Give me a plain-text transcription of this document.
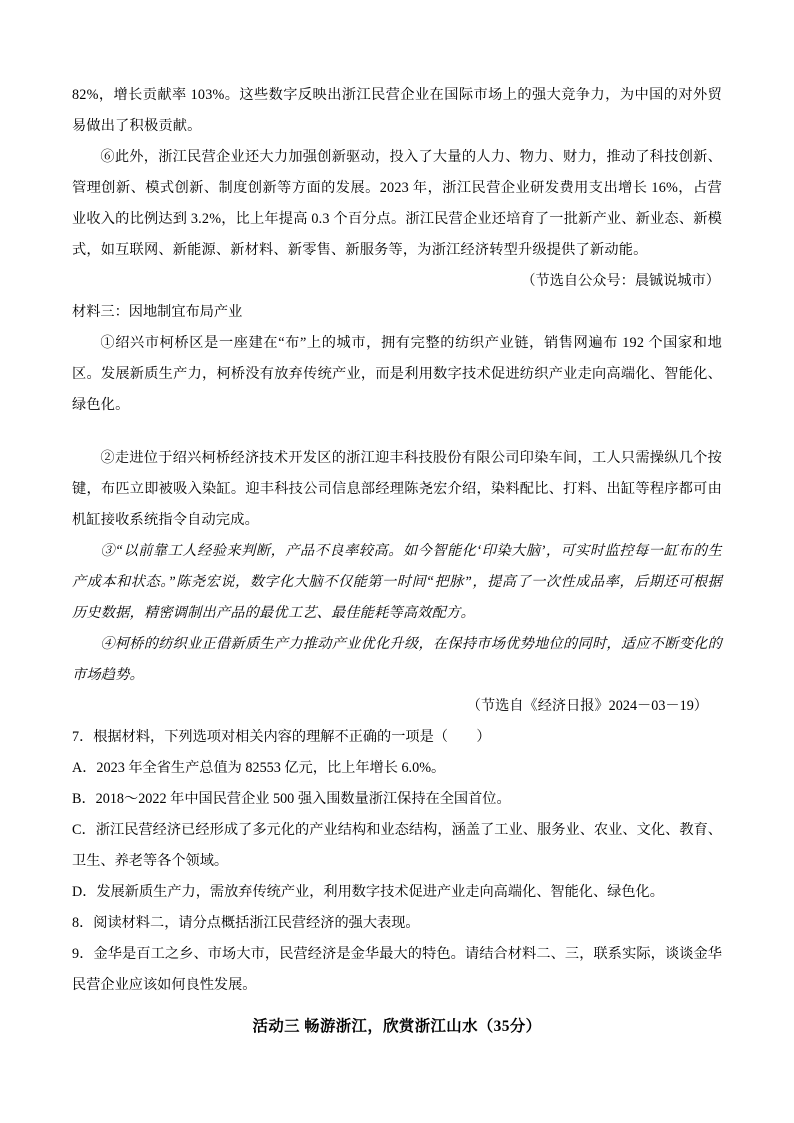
82%，增长贡献率 103%。这些数字反映出浙江民营企业在国际市场上的强大竞争力，为中国的对外贸易做出了积极贡献。

⑥此外，浙江民营企业还大力加强创新驱动，投入了大量的人力、物力、财力，推动了科技创新、管理创新、模式创新、制度创新等方面的发展。2023 年，浙江民营企业研发费用支出增长 16%，占营业收入的比例达到 3.2%，比上年提高 0.3 个百分点。浙江民营企业还培育了一批新产业、新业态、新模式，如互联网、新能源、新材料、新零售、新服务等，为浙江经济转型升级提供了新动能。

（节选自公众号：晨铖说城市）

材料三：因地制宜布局产业

①绍兴市柯桥区是一座建在“布”上的城市，拥有完整的纺织产业链，销售网遍布 192 个国家和地区。发展新质生产力，柯桥没有放弃传统产业，而是利用数字技术促进纺织产业走向高端化、智能化、绿色化。

②走进位于绍兴柯桥经济技术开发区的浙江迎丰科技股份有限公司印染车间，工人只需操纵几个按键，布匹立即被吸入染缸。迎丰科技公司信息部经理陈尧宏介绍，染料配比、打料、出缸等程序都可由机缸接收系统指令自动完成。

③“以前靠工人经验来判断，产品不良率较高。如今智能化‘印染大脑’，可实时监控每一缸布的生产成本和状态。”陈尧宏说，数字化大脑不仅能第一时间“把脉”，提高了一次性成品率，后期还可根据历史数据，精密调制出产品的最优工艺、最佳能耗等高效配方。

④柯桥的纺织业正借新质生产力推动产业优化升级，在保持市场优势地位的同时，适应不断变化的市场趋势。

（节选自《经济日报》2024－03－19）

7．根据材料，下列选项对相关内容的理解不正确的一项是（　　）

A．2023 年全省生产总值为 82553 亿元，比上年增长 6.0%。

B．2018～2022 年中国民营企业 500 强入围数量浙江保持在全国首位。

C．浙江民营经济已经形成了多元化的产业结构和业态结构，涵盖了工业、服务业、农业、文化、教育、卫生、养老等各个领域。

D．发展新质生产力，需放弃传统产业，利用数字技术促进产业走向高端化、智能化、绿色化。

8．阅读材料二，请分点概括浙江民营经济的强大表现。

9．金华是百工之乡、市场大市，民营经济是金华最大的特色。请结合材料二、三，联系实际，谈谈金华民营企业应该如何良性发展。

活动三 畅游浙江，欣赏浙江山水（35分）
